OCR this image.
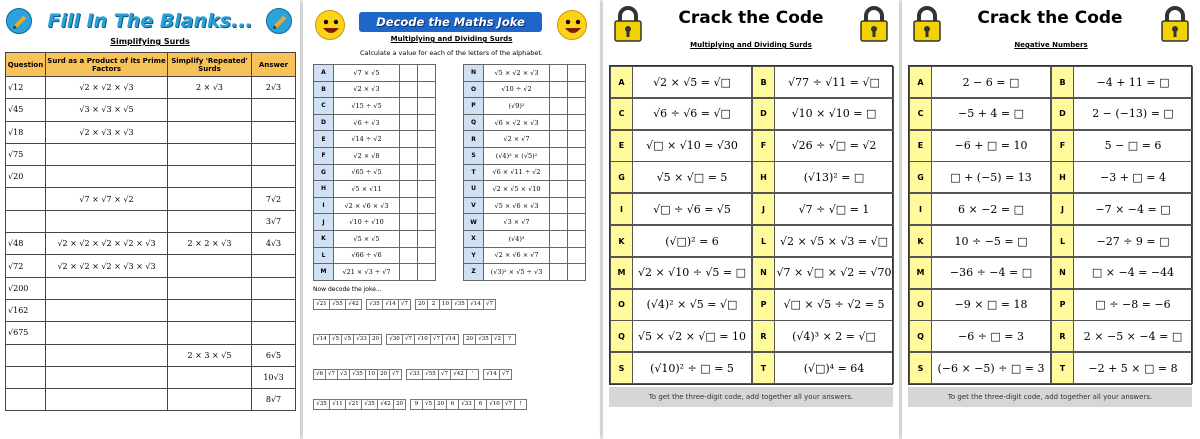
Fill In The Blanks...
Simplifying Surds
Question	Surd as a Product of its Prime Factors	Simplify 'Repeated' Surds	Answer
√12	√2 × √2 × √3	2 × √3	2√3
√45	√3 × √3 × √5		
√18	√2 × √3 × √3		
√75			
√20			
	√7 × √7 × √2		7√2
			3√7
√48	√2 × √2 × √2 × √2 × √3	2 × 2 × √3	4√3
√72	√2 × √2 × √2 × √3 × √3		
√200			
√162			
√675			
		2 × 3 × √5	6√5
			10√3
			8√7
Decode the Maths Joke
Multiplying and Dividing Surds
Calculate a value for each of the letters of the alphabet.
A	√7 × √5		
B	√2 × √3		
C	√15 ÷ √5		
D	√6 ÷ √3		
E	√14 ÷ √2		
F	√2 × √8		
G	√65 ÷ √5		
H	√5 × √11		
I	√2 × √6 × √3		
J	√10 ÷ √10		
K	√5 × √5		
L	√66 ÷ √6		
M	√21 × √3 ÷ √7		
N	√5 × √2 × √3		
O	√10 ÷ √2		
P	(√9)²		
Q	√6 × √2 × √3		
R	√2 × √7		
S	(√4)² × (√5)²		
T	√6 × √11 ÷ √2		
U	√2 × √5 × √10		
V	√5 × √6 × √3		
W	√3 × √7		
X	(√4)³		
Y	√2 × √6 × √7		
Z	(√3)² × √5 ÷ √3		
Now decode the joke...
√21 √55 √42	√35 √14 √7	20	2	10 √35 √14 √7
√14 √5 √5 √33 20	√30 √7 √10 √7 √14	20 √35 √2	?
√6 √7 √3 √35 10 20 √7	√33 √55 √7 √42	'	√14 √7
√35 √11 √21 √35 √42 20	9	√5 20	6	√33	6	√10 √7	!
Crack the Code
Multiplying and Dividing Surds
A	√2 × √5 = √□
C	√6 ÷ √6 = √□
E	√□ × √10 = √30
G	√5 × √□ = 5
I	√□ ÷ √6 = √5
K	(√□)² = 6
M	√2 × √10 ÷ √5 = □
O	(√4)² × √5 = √□
Q	√5 × √2 × √□ = 10
S	(√10)² ÷ □ = 5
B	√77 ÷ √11 = √□
D	√10 × √10 = □
F	√26 ÷ √□ = √2
H	(√13)² = □
J	√7 ÷ √□ = 1
L	√2 × √5 × √3 = √□
N √7 × √□ × √2 = √70
P	√□ × √5 ÷ √2 = 5
R	(√4)³ × 2 = √□
T	(√□)⁴ = 64
To get the three-digit code, add together all your answers.
Crack the Code
Negative Numbers
A	2 − 6 = □
C	−5 + 4 = □
E	−6 + □ = 10
G	□ + (−5) = 13
I	6 × −2 = □
K	10 ÷ −5 = □
M	−36 ÷ −4 = □
O	−9 × □ = 18
Q	−6 ÷ □ = 3
S	(−6 × −5) ÷ □ = 3
B	−4 + 11 = □
D	2 − (−13) = □
F	5 − □ = 6
H	−3 + □ = 4
J	−7 × −4 = □
L	−27 ÷ 9 = □
N	□ × −4 = −44
P	□ ÷ −8 = −6
R	2 × −5 × −4 = □
T	−2 + 5 × □ = 8
To get the three-digit code, add together all your answers.
